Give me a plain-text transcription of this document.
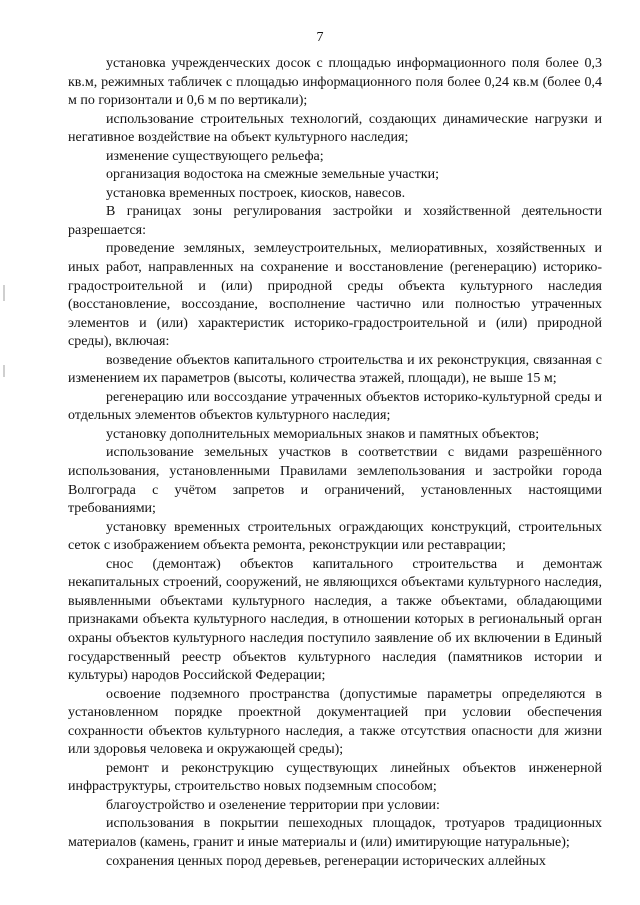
7

установка учрежденческих досок с площадью информационного поля более 0,3 кв.м, режимных табличек с площадью информационного поля более 0,24 кв.м (более 0,4 м по горизонтали и 0,6 м по вертикали);

использование строительных технологий, создающих динамические нагрузки и негативное воздействие на объект культурного наследия;

изменение существующего рельефа;

организация водостока на смежные земельные участки;

установка временных построек, киосков, навесов.

В границах зоны регулирования застройки и хозяйственной деятельности разрешается:

проведение земляных, землеустроительных, мелиоративных, хозяйственных и иных работ, направленных на сохранение и восстановление (регенерацию) историко-градостроительной и (или) природной среды объекта культурного наследия (восстановление, воссоздание, восполнение частично или полностью утраченных элементов и (или) характеристик историко-градостроительной и (или) природной среды), включая:

возведение объектов капитального строительства и их реконструкция, связанная с изменением их параметров (высоты, количества этажей, площади), не выше 15 м;

регенерацию или воссоздание утраченных объектов историко-культурной среды и отдельных элементов объектов культурного наследия;

установку дополнительных мемориальных знаков и памятных объектов;

использование земельных участков в соответствии с видами разрешённого использования, установленными Правилами землепользования и застройки города Волгограда с учётом запретов и ограничений, установленных настоящими требованиями;

установку временных строительных ограждающих конструкций, строительных сеток с изображением объекта ремонта, реконструкции или реставрации;

снос (демонтаж) объектов капитального строительства и демонтаж некапитальных строений, сооружений, не являющихся объектами культурного наследия, выявленными объектами культурного наследия, а также объектами, обладающими признаками объекта культурного наследия, в отношении которых в региональный орган охраны объектов культурного наследия поступило заявление об их включении в Единый государственный реестр объектов культурного наследия (памятников истории и культуры) народов Российской Федерации;

освоение подземного пространства (допустимые параметры определяются в установленном порядке проектной документацией при условии обеспечения сохранности объектов культурного наследия, а также отсутствия опасности для жизни или здоровья человека и окружающей среды);

ремонт и реконструкцию существующих линейных объектов инженерной инфраструктуры, строительство новых подземным способом;

благоустройство и озеленение территории при условии:

использования в покрытии пешеходных площадок, тротуаров традиционных материалов (камень, гранит и иные материалы и (или) имитирующие натуральные);

сохранения ценных пород деревьев, регенерации исторических аллейных
